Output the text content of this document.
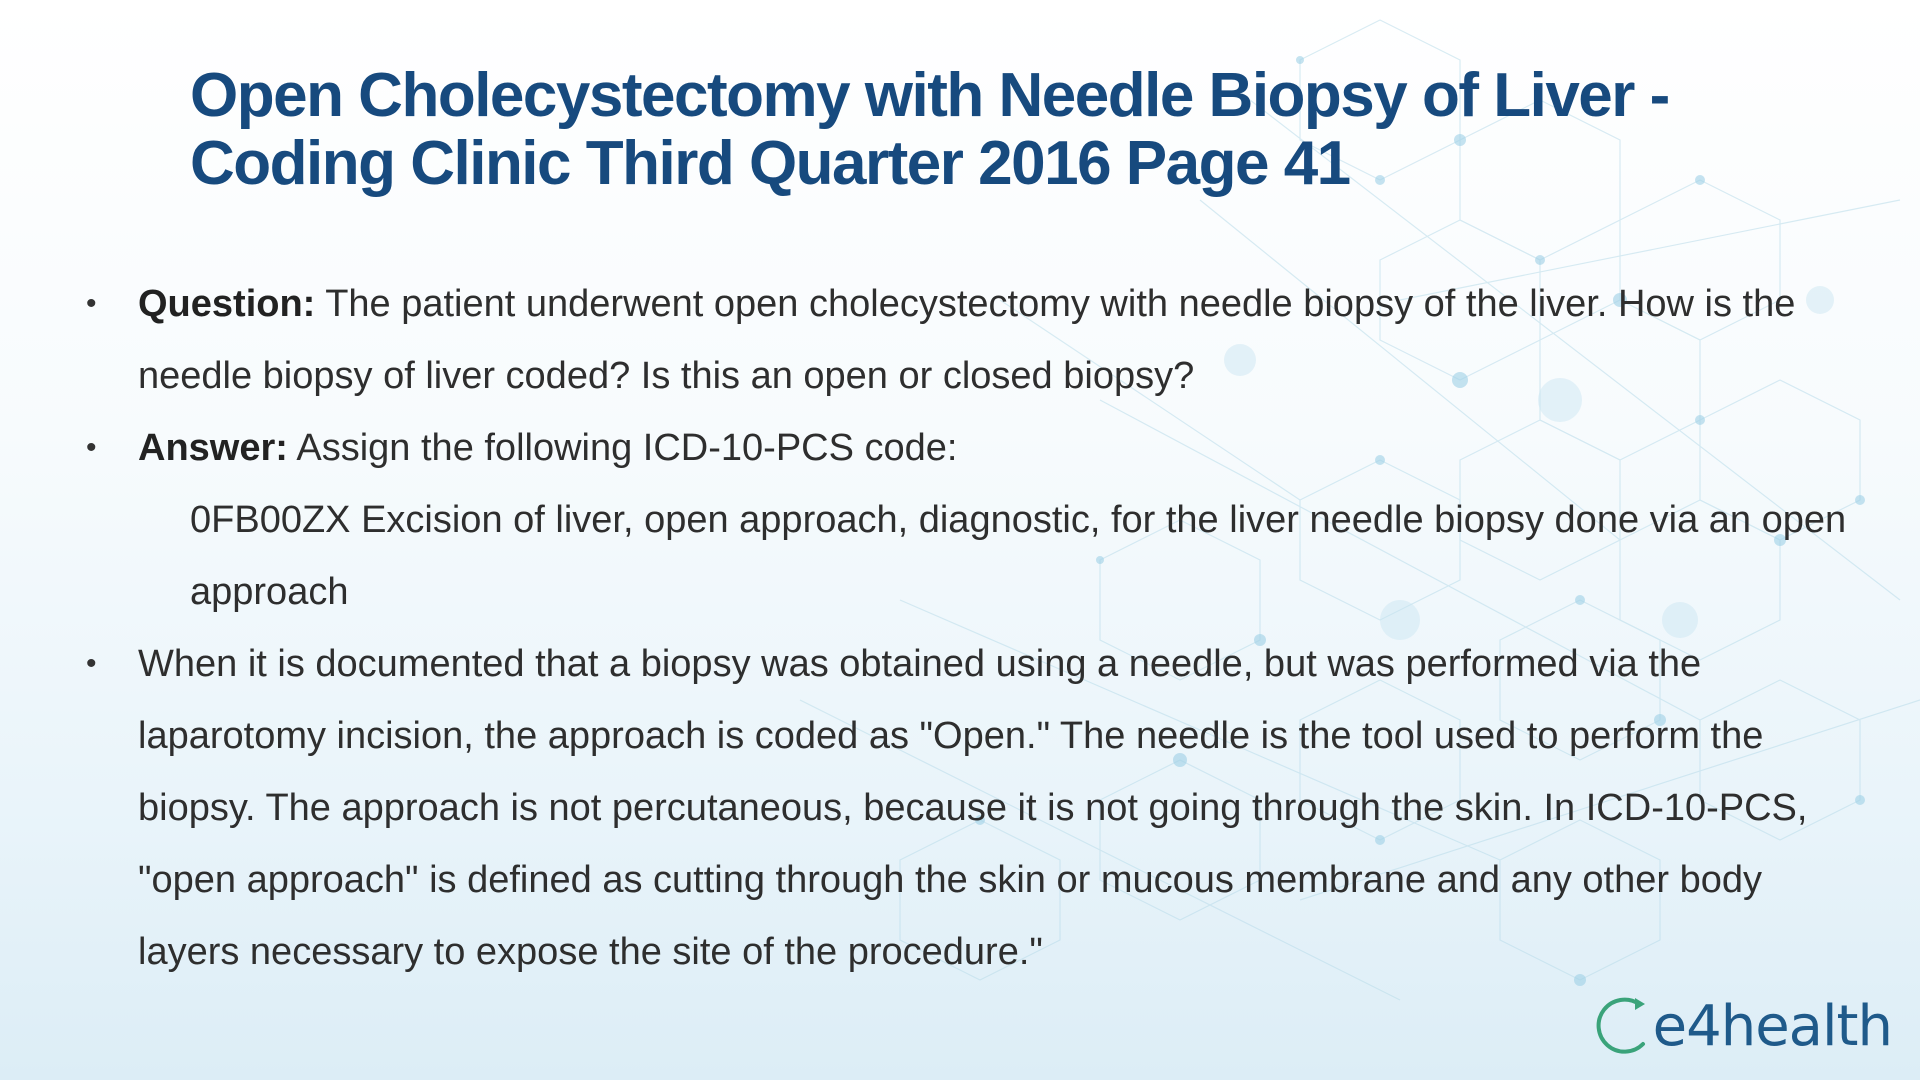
Open Cholecystectomy with Needle Biopsy of Liver -
Coding Clinic Third Quarter 2016 Page 41

• Question: The patient underwent open cholecystectomy with needle biopsy of the liver. How is the needle biopsy of liver coded? Is this an open or closed biopsy?

• Answer: Assign the following ICD-10-PCS code:

0FB00ZX Excision of liver, open approach, diagnostic, for the liver needle biopsy done via an open approach

• When it is documented that a biopsy was obtained using a needle, but was performed via the laparotomy incision, the approach is coded as "Open." The needle is the tool used to perform the biopsy. The approach is not percutaneous, because it is not going through the skin. In ICD-10-PCS, "open approach" is defined as cutting through the skin or mucous membrane and any other body layers necessary to expose the site of the procedure."

e4health
